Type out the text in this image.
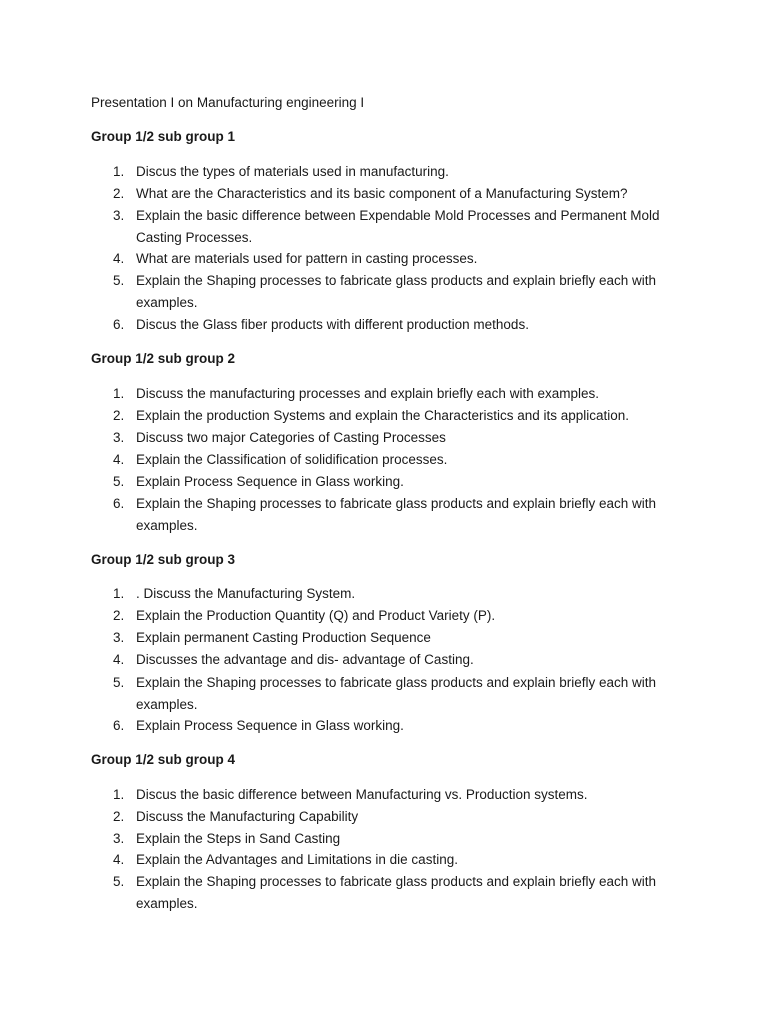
Presentation I on Manufacturing engineering I
Group 1/2 sub group 1
1. Discus the types of materials used in manufacturing.
2. What are the Characteristics and its basic component of a Manufacturing System?
3. Explain the basic difference between Expendable Mold Processes and Permanent Mold Casting Processes.
4. What are materials used for pattern in casting processes.
5. Explain the Shaping processes to fabricate glass products and explain briefly each with examples.
6. Discus the Glass fiber products with different production methods.
Group 1/2 sub group 2
1. Discuss the manufacturing processes and explain briefly each with examples.
2. Explain the production Systems and explain the Characteristics and its application.
3. Discuss two major Categories of Casting Processes
4. Explain the Classification of solidification processes.
5. Explain Process Sequence in Glass working.
6. Explain the Shaping processes to fabricate glass products and explain briefly each with examples.
Group 1/2 sub group 3
1. . Discuss the Manufacturing System.
2. Explain the Production Quantity (Q) and Product Variety (P).
3. Explain permanent Casting Production Sequence
4. Discusses the advantage and dis- advantage of Casting.
5. Explain the Shaping processes to fabricate glass products and explain briefly each with examples.
6. Explain Process Sequence in Glass working.
Group 1/2 sub group 4
1. Discus the basic difference between Manufacturing vs. Production systems.
2. Discuss the Manufacturing Capability
3. Explain the Steps in Sand Casting
4. Explain the Advantages and Limitations in die casting.
5. Explain the Shaping processes to fabricate glass products and explain briefly each with examples.
